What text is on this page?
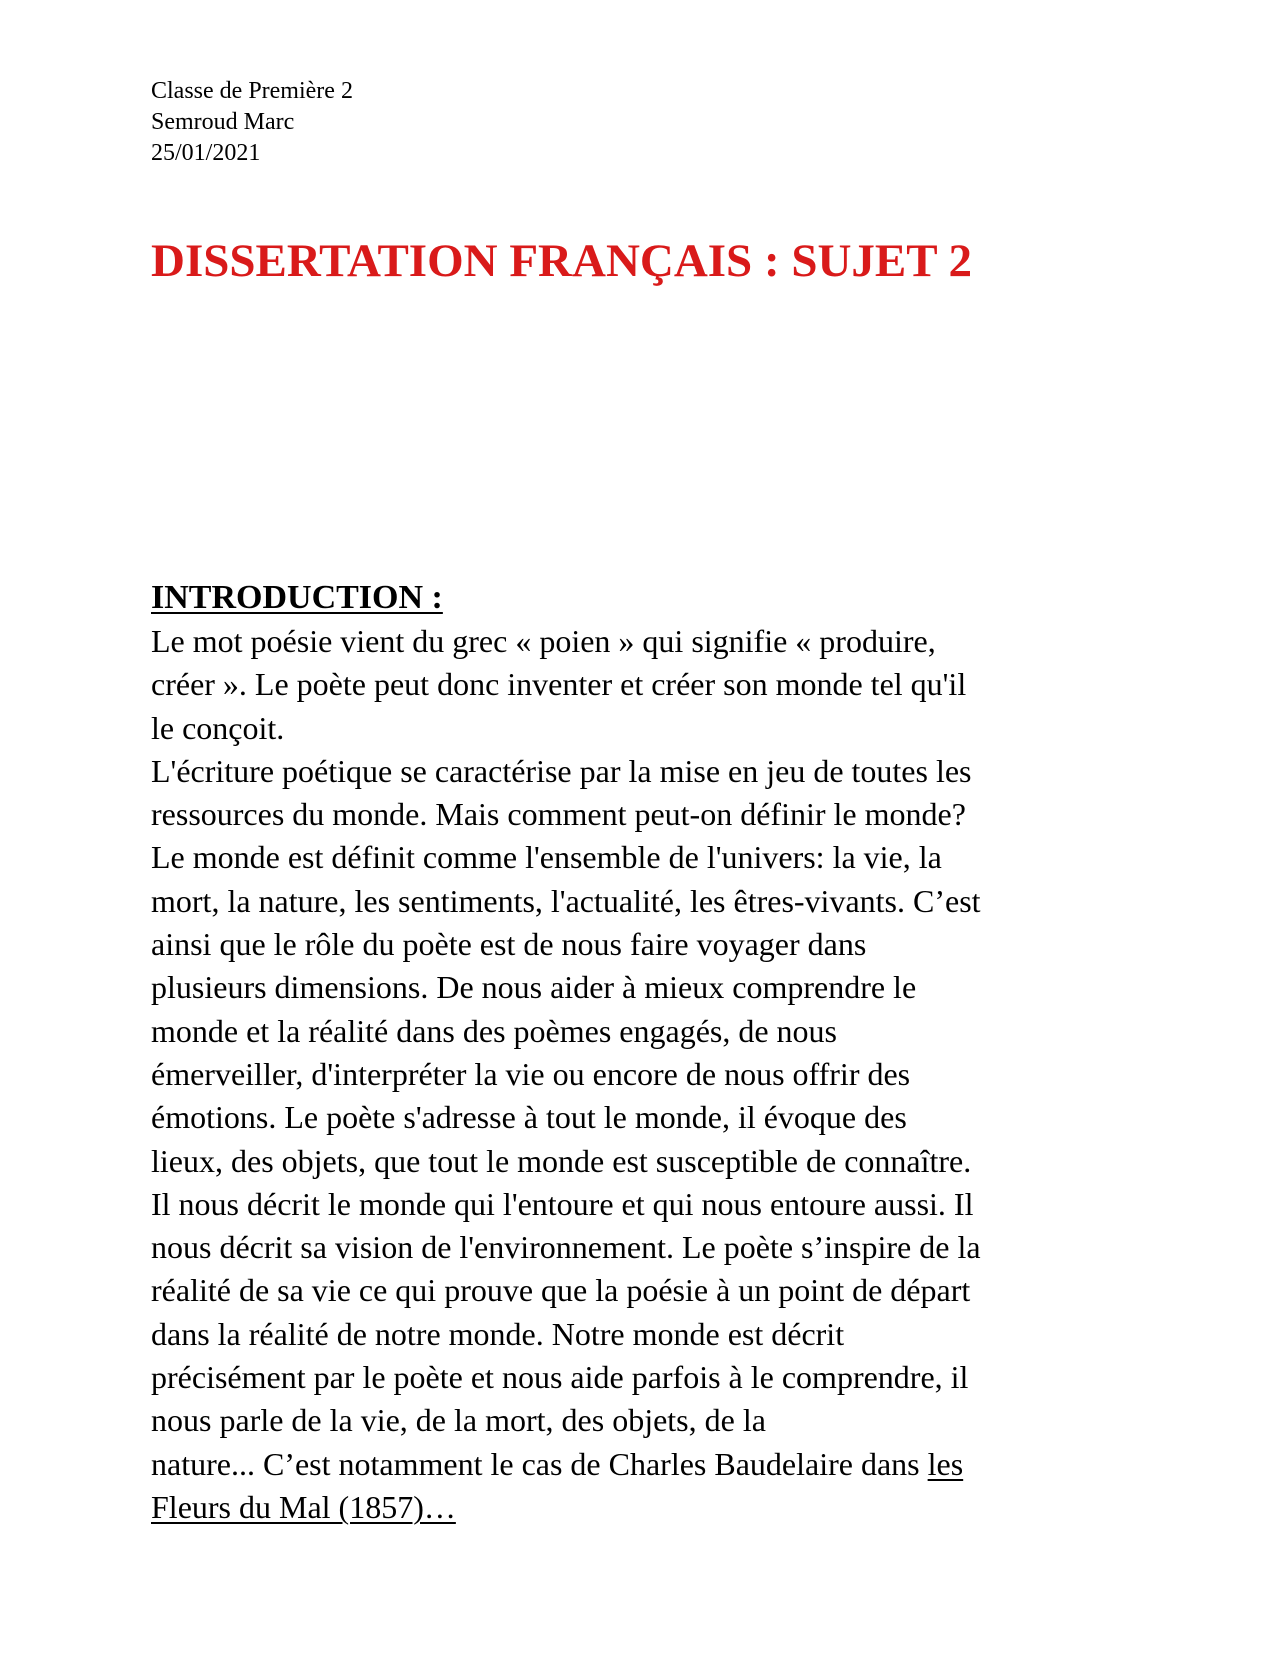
Classe de Première 2
Semroud Marc
25/01/2021
DISSERTATION FRANÇAIS : SUJET 2
INTRODUCTION :
Le mot poésie vient du grec « poien » qui signifie « produire,
créer ». Le poète peut donc inventer et créer son monde tel qu'il
le conçoit.
L'écriture poétique se caractérise par la mise en jeu de toutes les
ressources du monde. Mais comment peut-on définir le monde?
Le monde est définit comme l'ensemble de l'univers: la vie, la
mort, la nature, les sentiments, l'actualité, les êtres-vivants. C’est
ainsi que le rôle du poète est de nous faire voyager dans
plusieurs dimensions. De nous aider à mieux comprendre le
monde et la réalité dans des poèmes engagés, de nous
émerveiller, d'interpréter la vie ou encore de nous offrir des
émotions. Le poète s'adresse à tout le monde, il évoque des
lieux, des objets, que tout le monde est susceptible de connaître.
Il nous décrit le monde qui l'entoure et qui nous entoure aussi. Il
nous décrit sa vision de l'environnement. Le poète s’inspire de la
réalité de sa vie ce qui prouve que la poésie à un point de départ
dans la réalité de notre monde. Notre monde est décrit
précisément par le poète et nous aide parfois à le comprendre, il
nous parle de la vie, de la mort, des objets, de la
nature... C’est notamment le cas de Charles Baudelaire dans les
Fleurs du Mal (1857)…
